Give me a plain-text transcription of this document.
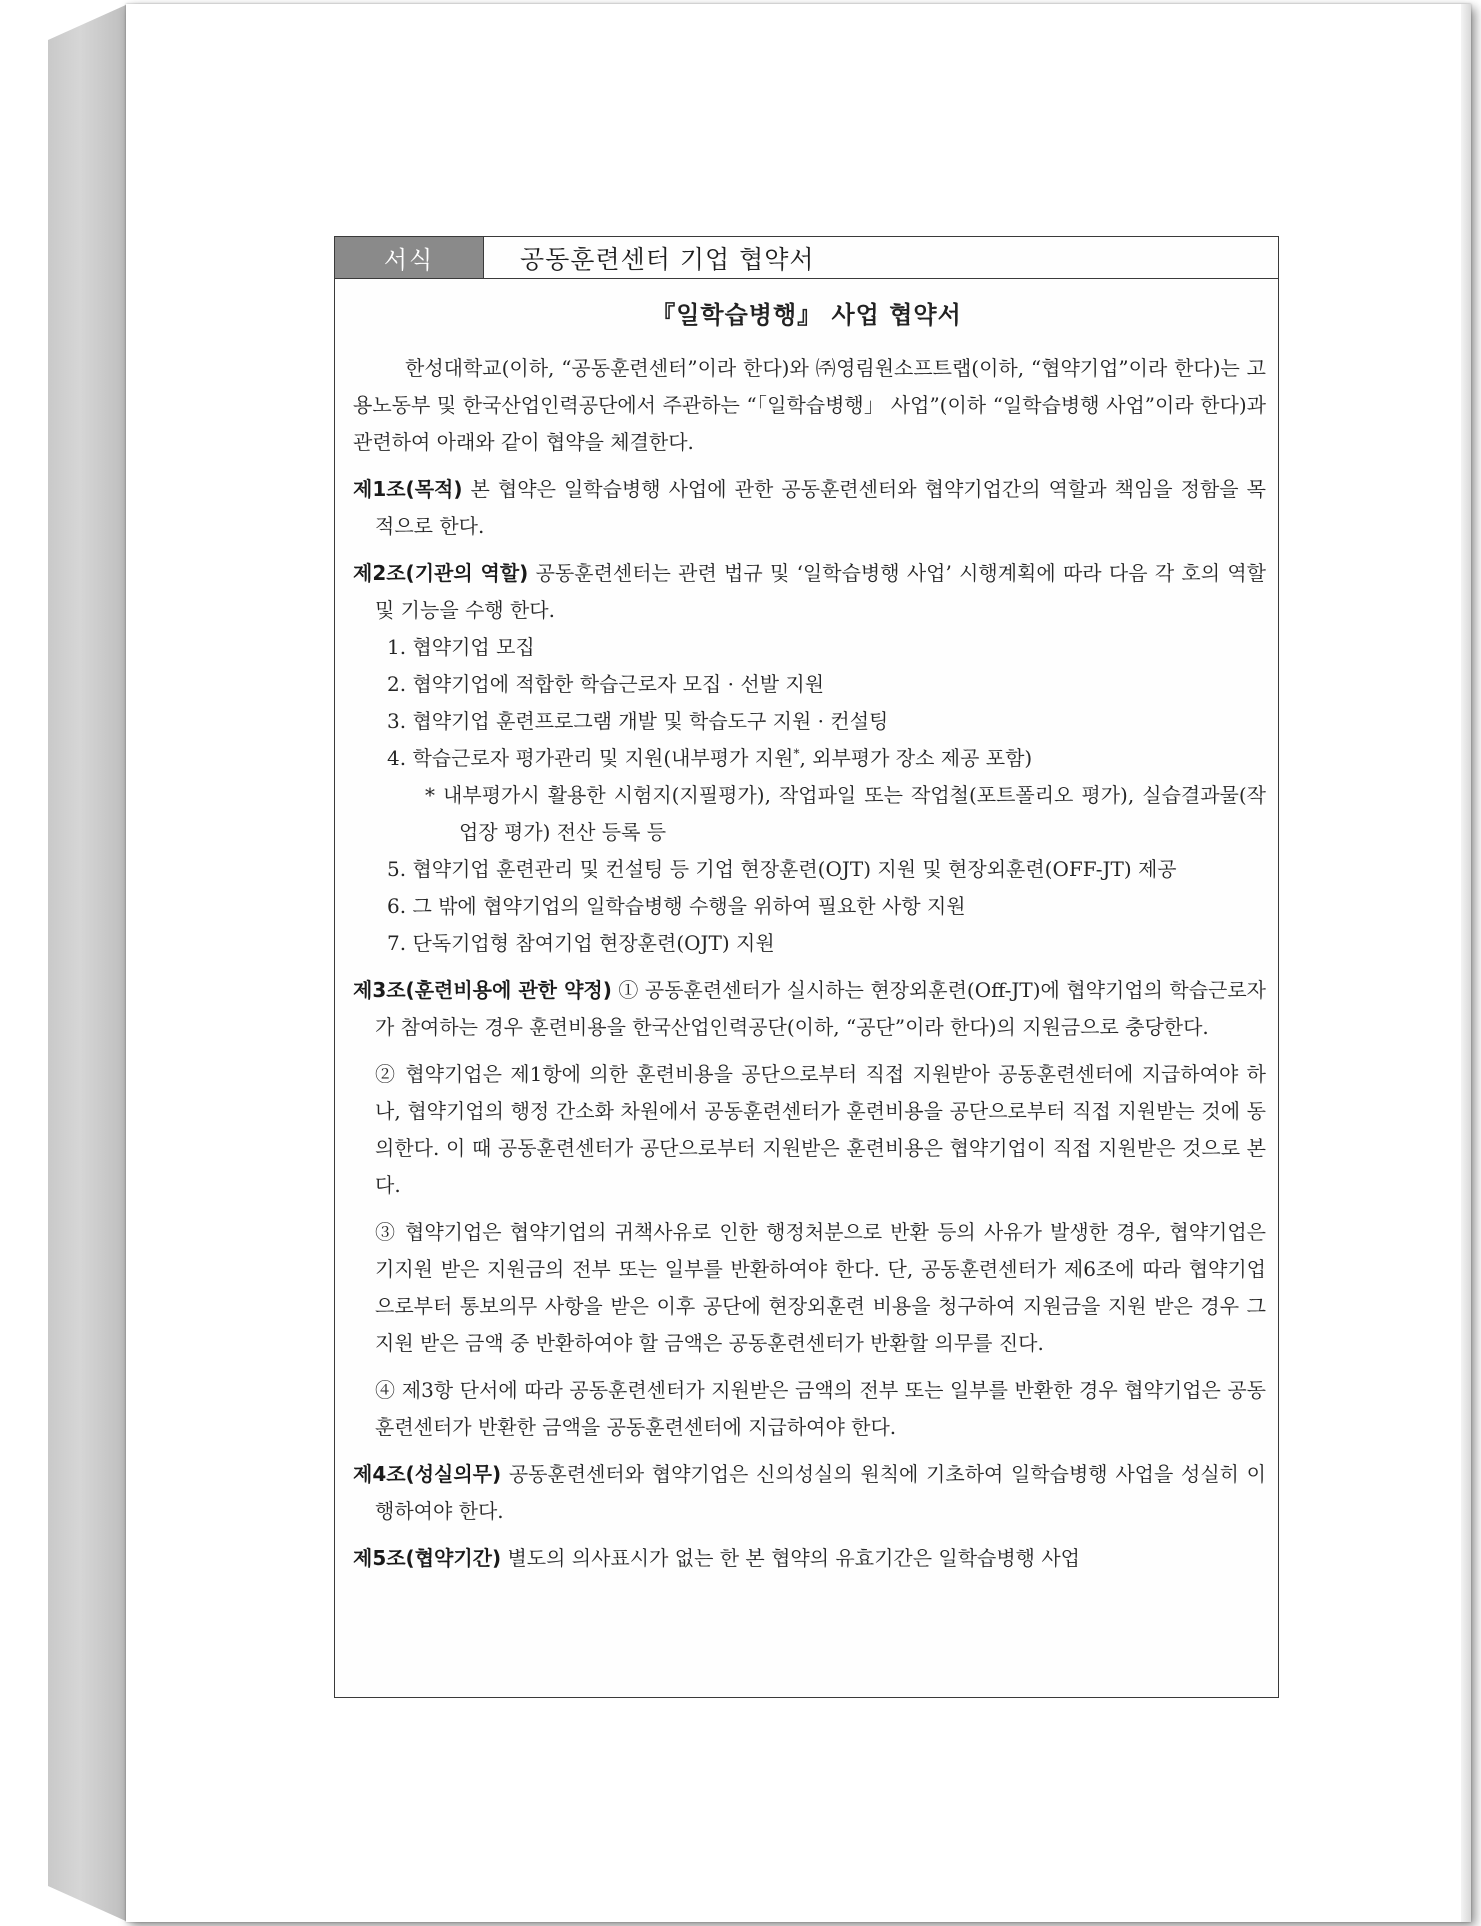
서식	공동훈련센터 기업 협약서
『일학습병행』 사업 협약서

한성대학교(이하, “공동훈련센터”이라 한다)와 ㈜영림원소프트랩(이하, “협약기업”이라 한다)는 고용노동부 및 한국산업인력공단에서 주관하는 “「일학습병행」 사업”(이하 “일학습병행 사업”이라 한다)과 관련하여 아래와 같이 협약을 체결한다.

제1조(목적) 본 협약은 일학습병행 사업에 관한 공동훈련센터와 협약기업간의 역할과 책임을 정함을 목적으로 한다.

제2조(기관의 역할) 공동훈련센터는 관련 법규 및 ‘일학습병행 사업’ 시행계획에 따라 다음 각 호의 역할 및 기능을 수행 한다.

1. 협약기업 모집
2. 협약기업에 적합한 학습근로자 모집 · 선발 지원
3. 협약기업 훈련프로그램 개발 및 학습도구 지원 · 컨설팅
4. 학습근로자 평가관리 및 지원(내부평가 지원*, 외부평가 장소 제공 포함)

* 내부평가시 활용한 시험지(지필평가), 작업파일 또는 작업철(포트폴리오 평가), 실습결과물(작업장 평가) 전산 등록 등

5. 협약기업 훈련관리 및 컨설팅 등 기업 현장훈련(OJT) 지원 및 현장외훈련(OFF-JT) 제공
6. 그 밖에 협약기업의 일학습병행 수행을 위하여 필요한 사항 지원
7. 단독기업형 참여기업 현장훈련(OJT) 지원

제3조(훈련비용에 관한 약정) ① 공동훈련센터가 실시하는 현장외훈련(Off-JT)에 협약기업의 학습근로자가 참여하는 경우 훈련비용을 한국산업인력공단(이하, “공단”이라 한다)의 지원금으로 충당한다.

② 협약기업은 제1항에 의한 훈련비용을 공단으로부터 직접 지원받아 공동훈련센터에 지급하여야 하나, 협약기업의 행정 간소화 차원에서 공동훈련센터가 훈련비용을 공단으로부터 직접 지원받는 것에 동의한다. 이 때 공동훈련센터가 공단으로부터 지원받은 훈련비용은 협약기업이 직접 지원받은 것으로 본다.

③ 협약기업은 협약기업의 귀책사유로 인한 행정처분으로 반환 등의 사유가 발생한 경우, 협약기업은 기지원 받은 지원금의 전부 또는 일부를 반환하여야 한다. 단, 공동훈련센터가 제6조에 따라 협약기업으로부터 통보의무 사항을 받은 이후 공단에 현장외훈련 비용을 청구하여 지원금을 지원 받은 경우 그 지원 받은 금액 중 반환하여야 할 금액은 공동훈련센터가 반환할 의무를 진다.

④ 제3항 단서에 따라 공동훈련센터가 지원받은 금액의 전부 또는 일부를 반환한 경우 협약기업은 공동훈련센터가 반환한 금액을 공동훈련센터에 지급하여야 한다.

제4조(성실의무) 공동훈련센터와 협약기업은 신의성실의 원칙에 기초하여 일학습병행 사업을 성실히 이행하여야 한다.

제5조(협약기간) 별도의 의사표시가 없는 한 본 협약의 유효기간은 일학습병행 사업
